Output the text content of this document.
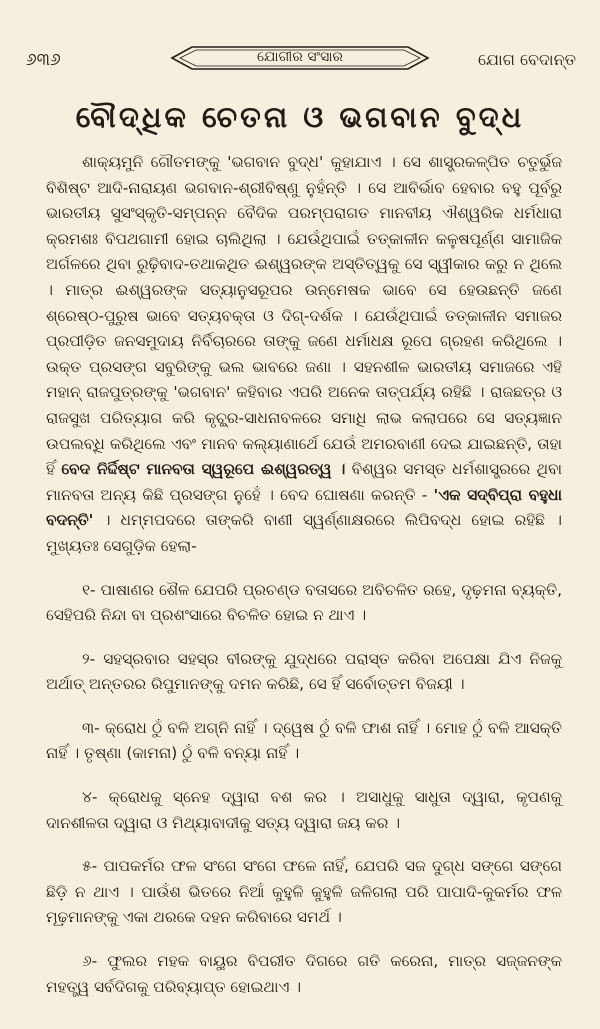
୬୩୬	ଯୋଗୀର ସଂସାର	ଯୋଗ ବେଦାନ୍ତ
ବୌଦ୍ଧିକ ଚେତନା ଓ ଭଗବାନ ବୁଦ୍ଧ

ଶାକ୍ୟମୁନି ଗୌତମଙ୍କୁ 'ଭଗବାନ ବୁଦ୍ଧ' କୁହାଯାଏ । ସେ ଶାସ୍ତ୍ରକଳ୍ପିତ ଚତୁର୍ଭୁଜ ବିଶିଷ୍ଟ ଆଦି-ନାରାୟଣ ଭଗବାନ-ଶ୍ରୀବିଷ୍ଣୁ ନୁହଁନ୍ତି । ସେ ଆବିର୍ଭାବ ହେବାର ବହୁ ପୂର୍ବରୁ ଭାରତୀୟ ସୁସଂସ୍କୃତି-ସମ୍ପନ୍ନ ବୈଦିକ ପରମ୍ପରାଗତ ମାନବୀୟ ଐଶ୍ୱରିକ ଧର୍ମଧାରା କ୍ରମଶଃ ବିପଥଗାମୀ ହୋଇ ଚାଲିଥିଲା । ଯେଉଁଥିପାଇଁ ତତ୍କାଳୀନ କଳୁଷପୂର୍ଣ୍ଣ ସାମାଜିକ ଅର୍ଗଳରେ ଥିବା ରୁଢ଼ିବାଦ-ତଥାକଥିତ ଈଶ୍ୱରଙ୍କ ଅସ୍ତିତ୍ୱକୁ ସେ ସ୍ୱୀକାର କରୁ ନ ଥିଲେ । ମାତ୍ର ଈଶ୍ୱରଙ୍କ ସତ୍ୟାନୁସରୂପର ଉନ୍ମେଷକ ଭାବେ ସେ ହେଉଛନ୍ତି ଜଣେ ଶ୍ରେଷ୍ଠ-ପୁରୁଷ ଭାବେ ସତ୍ୟବକ୍ତା ଓ ଦିଗ୍-ଦର୍ଶକ । ଯେଉଁଥିପାଇଁ ତତ୍କାଳୀନ ସମାଜର ପ୍ରପୀଡ଼ିତ ଜନସମୁଦାୟ ନିର୍ବିଚାରରେ ତାଙ୍କୁ ଜଣେ ଧର୍ମାଧକ୍ଷ ରୂପେ ଗ୍ରହଣ କରିଥିଲେ । ଉକ୍ତ ପ୍ରସଙ୍ଗ ସବୁରିଙ୍କୁ ଭଲ ଭାବରେ ଜଣା । ସହନଶୀଳ ଭାରତୀୟ ସମାଜରେ ଏହି ମହାନ୍ ରାଜପୁତ୍ରଙ୍କୁ 'ଭଗବାନ' କହିବାର ଏପରି ଅନେକ ତାତ୍ପର୍ଯ୍ୟ ରହିଛି । ରାଜଛତ୍ର ଓ ରାଜସୁଖ ପରିତ୍ୟାଗ କରି କୃଚ୍ଛ୍ର-ସାଧନାବଳରେ ସମାଧି ଲାଭ କଲାପରେ ସେ ସତ୍ୟଜ୍ଞାନ ଉପଲବ୍ଧି କରିଥିଲେ ଏବଂ ମାନବ କଲ୍ୟାଣାର୍ଥେ ଯେଉଁ ଅମରବାଣୀ ଦେଇ ଯାଇଛନ୍ତି, ତାହା ହିଁ ବେଦ ନିର୍ଦ୍ଦିଷ୍ଟ ମାନବତା ସ୍ୱରୂପେ ଈଶ୍ୱରତ୍ୱ । ବିଶ୍ୱର ସମସ୍ତ ଧର୍ମଶାସ୍ତ୍ରରେ ଥିବା ମାନବତା ଅନ୍ୟ କିଛି ପ୍ରସଙ୍ଗ ନୁହେଁ । ବେଦ ଘୋଷଣା କରନ୍ତି - 'ଏକ ସଦ୍‌ବିପ୍ରା ବହୁଧା ବଦନ୍ତି' । ଧମ୍ମପଦରେ ତାଙ୍କରି ବାଣୀ ସ୍ୱର୍ଣ୍ଣାକ୍ଷରରେ ଲିପିବଦ୍ଧ ହୋଇ ରହିଛି । ମୁଖ୍ୟତଃ ସେଗୁଡ଼ିକ ହେଲା-

୧- ପାଷାଣର ଶୈଳ ଯେପରି ପ୍ରଚଣ୍ଡ ବତାସରେ ଅବିଚଳିତ ରହେ, ଦୃଢ଼ମନା ବ୍ୟକ୍ତି, ସେହିପରି ନିନ୍ଦା ବା ପ୍ରଶଂସାରେ ବିଚଳିତ ହୋଇ ନ ଥାଏ ।

୨- ସହସ୍ରବାର ସହସ୍ର ବୀରଙ୍କୁ ଯୁଦ୍ଧରେ ପରାସ୍ତ କରିବା ଅପେକ୍ଷା ଯିଏ ନିଜକୁ ଅର୍ଥାତ୍ ଅନ୍ତରର ରିପୁମାନଙ୍କୁ ଦମନ କରିଛି, ସେ ହିଁ ସର୍ବୋତ୍ତମ ବିଜୟୀ ।

୩- କ୍ରୋଧ ଠୁଁ ବଳି ଅଗ୍ନି ନାହିଁ । ଦ୍ୱେଷ ଠୁଁ ବଳି ଫାଶ ନାହିଁ । ମୋହ ଠୁଁ ବଳି ଆସକ୍ତି ନାହିଁ । ତୃଷ୍ଣା (କାମନା) ଠୁଁ ବଳି ବନ୍ୟା ନାହିଁ ।

୪- କ୍ରୋଧକୁ ସ୍ନେହ ଦ୍ୱାରା ବଶ କର । ଅସାଧୁକୁ ସାଧୁତା ଦ୍ୱାରା, କୃପଣକୁ ଦାନଶୀଳତା ଦ୍ୱାରା ଓ ମିଥ୍ୟାବାଦୀକୁ ସତ୍ୟ ଦ୍ୱାରା ଜୟ କର ।

୫- ପାପକର୍ମର ଫଳ ସଂଗେ ସଂଗେ ଫଳେ ନାହିଁ, ଯେପରି ସଜ ଦୁଗ୍ଧ ସଙ୍ଗେ ସଙ୍ଗେ ଛିଡ଼ି ନ ଥାଏ । ପାଉଁଶ ଭିତରେ ନିଆଁ କୁହୁଳି କୁହୁଳି ଜଳିଗଲା ପରି ପାପାଦି-କୁକର୍ମର ଫଳ ମୂଢ଼ମାନଙ୍କୁ ଏକା ଥରକେ ଦହନ କରିବାରେ ସମର୍ଥ ।

୬- ଫୁଲର ମହକ ବାୟୁର ବିପରୀତ ଦିଗରେ ଗତି କରେନା, ମାତ୍ର ସଜ୍ଜନଙ୍କ ମହତ୍ତ୍ୱ ସର୍ବଦିଗକୁ ପରିବ୍ୟାପ୍ତ ହୋଇଥାଏ ।
